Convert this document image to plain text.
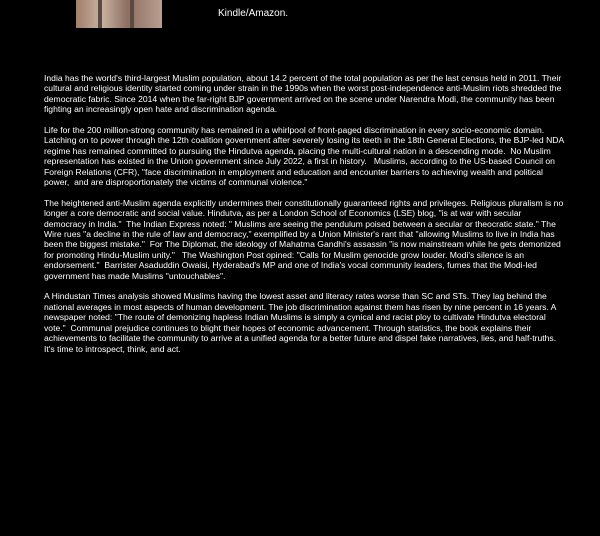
Kindle/Amazon.

India has the world's third-largest Muslim population, about 14.2 percent of the total population as per the last census held in 2011. Their cultural and religious identity started coming under strain in the 1990s when the worst post-independence anti-Muslim riots shredded the democratic fabric. Since 2014 when the far-right BJP government arrived on the scene under Narendra Modi, the community has been fighting an increasingly open hate and discrimination agenda.

Life for the 200 million-strong community has remained in a whirlpool of front-paged discrimination in every socio-economic domain.  Latching on to power through the 12th coalition government after severely losing its teeth in the 18th General Elections, the BJP-led NDA regime has remained committed to pursuing the Hindutva agenda, placing the multi-cultural nation in a descending mode.  No Muslim representation has existed in the Union government since July 2022, a first in history.   Muslims, according to the US-based Council on Foreign Relations (CFR), "face discrimination in employment and education and encounter barriers to achieving wealth and political power,  and are disproportionately the victims of communal violence."

The heightened anti-Muslim agenda explicitly undermines their constitutionally guaranteed rights and privileges. Religious pluralism is no longer a core democratic and social value. Hindutva, as per a London School of Economics (LSE) blog, "is at war with secular democracy in India."  The Indian Express noted: " Muslims are seeing the pendulum poised between a secular or theocratic state." The Wire rues "a decline in the rule of law and democracy," exemplified by a Union Minister's rant that "allowing Muslims to live in India has been the biggest mistake."  For The Diplomat, the ideology of Mahatma Gandhi's assassin "is now mainstream while he gets demonized for promoting Hindu-Muslim unity."   The Washington Post opined: "Calls for Muslim genocide grow louder. Modi's silence is an endorsement."  Barrister Asaduddin Owaisi, Hyderabad's MP and one of India's vocal community leaders, fumes that the Modi-led government has made Muslims "untouchables".

A Hindustan Times analysis showed Muslims having the lowest asset and literacy rates worse than SC and STs. They lag behind the national averages in most aspects of human development. The job discrimination against them has risen by nine percent in 16 years. A newspaper noted: "The route of demonizing hapless Indian Muslims is simply a cynical and racist ploy to cultivate Hindutva electoral vote."  Communal prejudice continues to blight their hopes of economic advancement. Through statistics, the book explains their achievements to facilitate the community to arrive at a unified agenda for a better future and dispel fake narratives, lies, and half-truths. It's time to introspect, think, and act.
